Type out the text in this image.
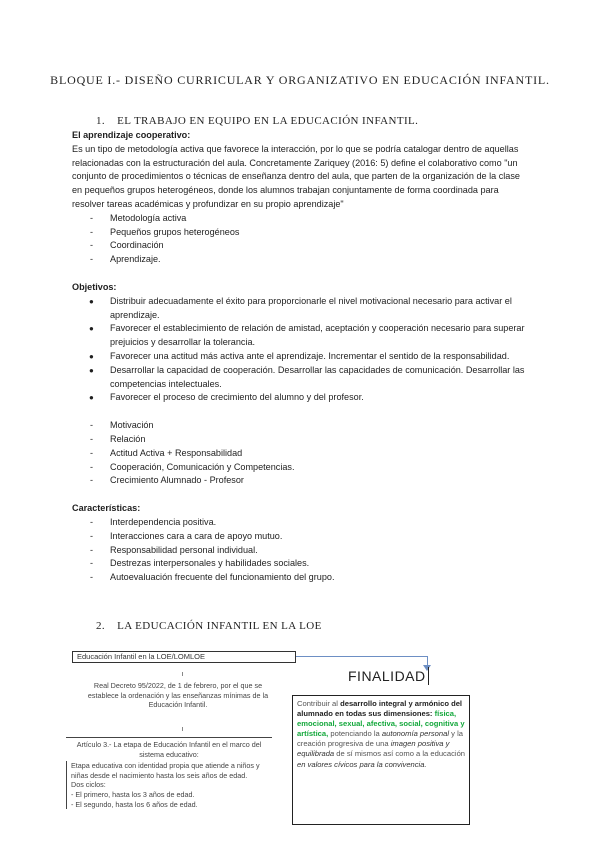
BLOQUE I.- DISEÑO CURRICULAR Y ORGANIZATIVO EN EDUCACIÓN INFANTIL.
1. EL TRABAJO EN EQUIPO EN LA EDUCACIÓN INFANTIL.
El aprendizaje cooperativo:
Es un tipo de metodología activa que favorece la interacción, por lo que se podría catalogar dentro de aquellas relacionadas con la estructuración del aula. Concretamente Zariquey (2016: 5) define el colaborativo como "un conjunto de procedimientos o técnicas de enseñanza dentro del aula, que parten de la organización de la clase en pequeños grupos heterogéneos, donde los alumnos trabajan conjuntamente de forma coordinada para resolver tareas académicas y profundizar en su propio aprendizaje"
- Metodología activa
- Pequeños grupos heterogéneos
- Coordinación
- Aprendizaje.
Objetivos:
● Distribuir adecuadamente el éxito para proporcionarle el nivel motivacional necesario para activar el aprendizaje.
● Favorecer el establecimiento de relación de amistad, aceptación y cooperación necesario para superar prejuicios y desarrollar la tolerancia.
● Favorecer una actitud más activa ante el aprendizaje. Incrementar el sentido de la responsabilidad.
● Desarrollar la capacidad de cooperación. Desarrollar las capacidades de comunicación. Desarrollar las competencias intelectuales.
● Favorecer el proceso de crecimiento del alumno y del profesor.
- Motivación
- Relación
- Actitud Activa + Responsabilidad
- Cooperación, Comunicación y Competencias.
- Crecimiento Alumnado - Profesor
Características:
- Interdependencia positiva.
- Interacciones cara a cara de apoyo mutuo.
- Responsabilidad personal individual.
- Destrezas interpersonales y habilidades sociales.
- Autoevaluación frecuente del funcionamiento del grupo.
2. LA EDUCACIÓN INFANTIL EN LA LOE
Educación Infantil en la LOE/LOMLOE
FINALIDAD
Real Decreto 95/2022, de 1 de febrero, por el que se establece la ordenación y las enseñanzas mínimas de la Educación Infantil.
Artículo 3.- La etapa de Educación Infantil en el marco del sistema educativo:
Etapa educativa con identidad propia que atiende a niños y niñas desde el nacimiento hasta los seis años de edad.
Dos ciclos:
- El primero, hasta los 3 años de edad.
- El segundo, hasta los 6 años de edad.
Contribuir al desarrollo integral y armónico del alumnado en todas sus dimensiones: física, emocional, sexual, afectiva, social, cognitiva y artística, potenciando la autonomía personal y la creación progresiva de una imagen positiva y equilibrada de sí mismos así como a la educación en valores cívicos para la convivencia.
